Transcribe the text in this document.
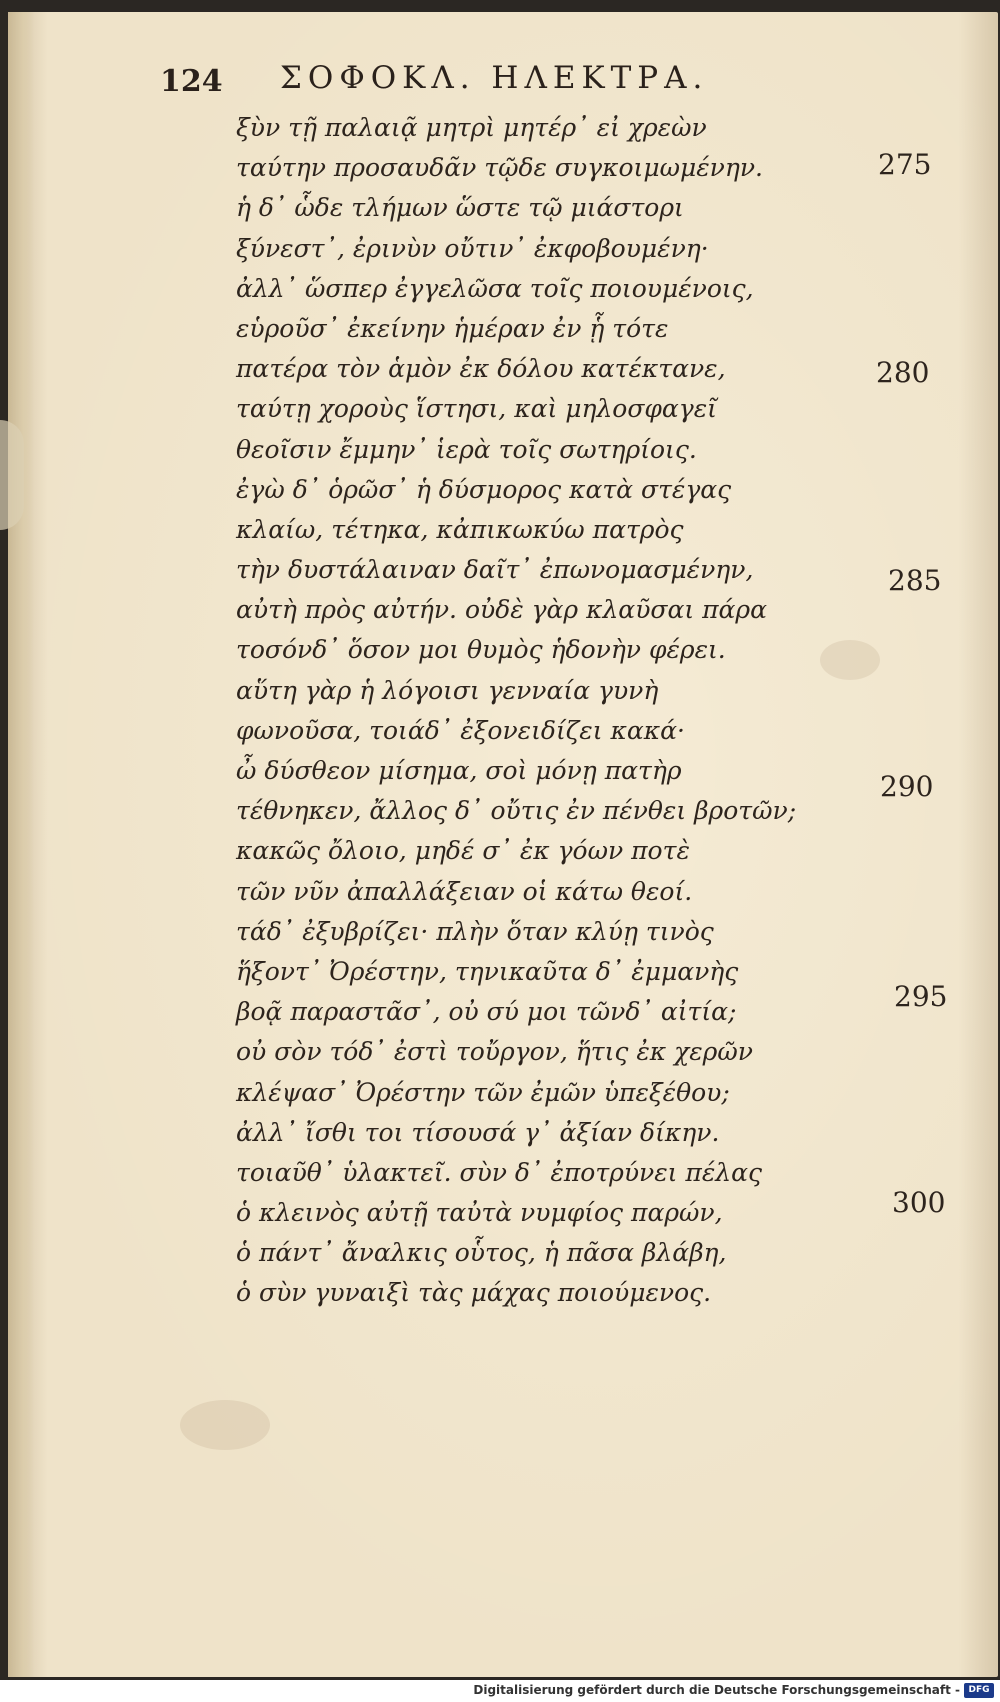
124 ΣΟΦΟΚΛ. ΗΛΕΚΤΡΑ.
ξὺν τῇ παλαιᾷ μητρὶ μητέρ᾽ εἰ χρεὼν
ταύτην προσαυδᾶν τῷδε συγκοιμωμένην.
ἡ δ᾽ ὧδε τλήμων ὥστε τῷ μιάστορι
ξύνεστ᾽, ἐρινὺν οὔτιν᾽ ἐκφοβουμένη·
ἀλλ᾽ ὥσπερ ἐγγελῶσα τοῖς ποιουμένοις,
εὑροῦσ᾽ ἐκείνην ἡμέραν ἐν ᾗ τότε
πατέρα τὸν ἁμὸν ἐκ δόλου κατέκτανε,
ταύτῃ χοροὺς ἵστησι, καὶ μηλοσφαγεῖ
θεοῖσιν ἔμμην᾽ ἱερὰ τοῖς σωτηρίοις.
ἐγὼ δ᾽ ὁρῶσ᾽ ἡ δύσμορος κατὰ στέγας
κλαίω, τέτηκα, κἀπικωκύω πατρὸς
τὴν δυστάλαιναν δαῖτ᾽ ἐπωνομασμένην,
αὐτὴ πρὸς αὐτήν. οὐδὲ γὰρ κλαῦσαι πάρα
τοσόνδ᾽ ὅσον μοι θυμὸς ἡδονὴν φέρει.
αὕτη γὰρ ἡ λόγοισι γενναία γυνὴ
φωνοῦσα, τοιάδ᾽ ἐξονειδίζει κακά·
ὦ δύσθεον μίσημα, σοὶ μόνῃ πατὴρ
τέθνηκεν, ἄλλος δ᾽ οὔτις ἐν πένθει βροτῶν;
κακῶς ὄλοιο, μηδέ σ᾽ ἐκ γόων ποτὲ
τῶν νῦν ἀπαλλάξειαν οἱ κάτω θεοί.
τάδ᾽ ἐξυβρίζει· πλὴν ὅταν κλύῃ τινὸς
ἥξοντ᾽ Ὀρέστην, τηνικαῦτα δ᾽ ἐμμανὴς
βοᾷ παραστᾶσ᾽, οὐ σύ μοι τῶνδ᾽ αἰτία;
οὐ σὸν τόδ᾽ ἐστὶ τοὔργον, ἥτις ἐκ χερῶν
κλέψασ᾽ Ὀρέστην τῶν ἐμῶν ὑπεξέθου;
ἀλλ᾽ ἴσθι τοι τίσουσά γ᾽ ἀξίαν δίκην.
τοιαῦθ᾽ ὑλακτεῖ. σὺν δ᾽ ἐποτρύνει πέλας
ὁ κλεινὸς αὐτῇ ταὐτὰ νυμφίος παρών,
ὁ πάντ᾽ ἄναλκις οὗτος, ἡ πᾶσα βλάβη,
ὁ σὺν γυναιξὶ τὰς μάχας ποιούμενος.
275
280
285
290
295
300
Digitalisierung gefördert durch die Deutsche Forschungsgemeinschaft - DFG
